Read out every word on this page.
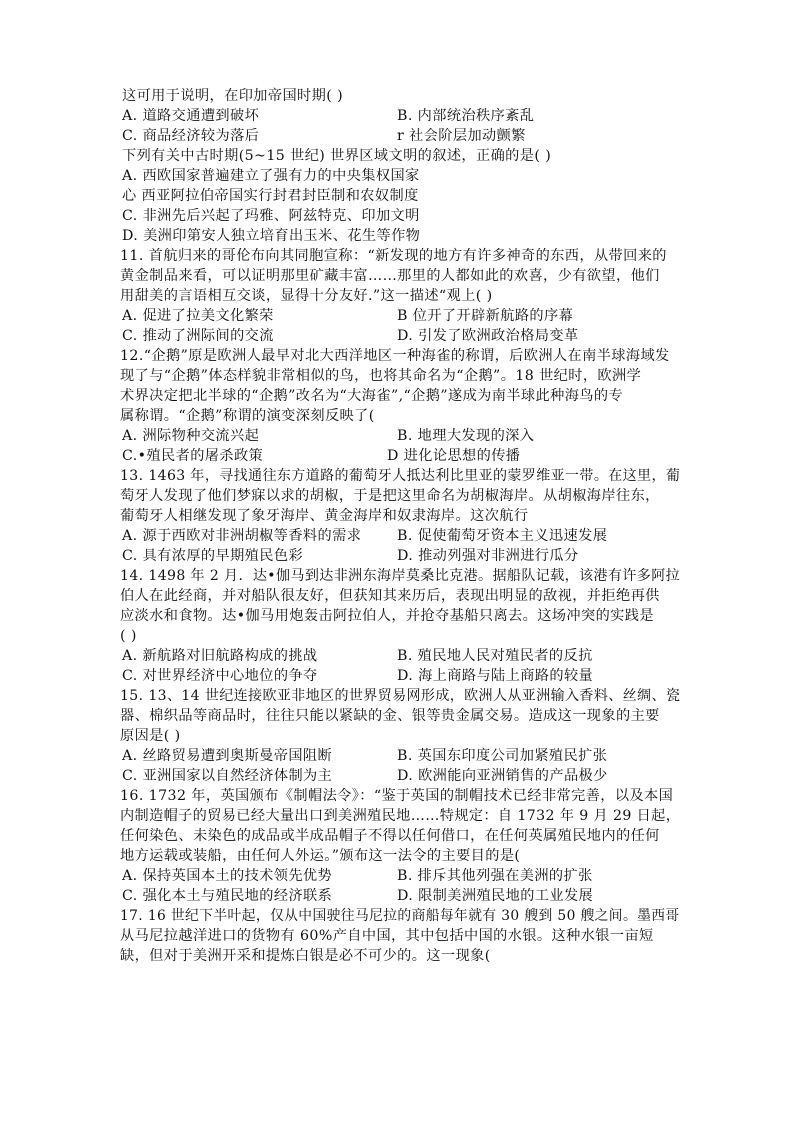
这可用于说明，在印加帝国时期( )
A. 道路交通遭到破坏	B. 内部统治秩序紊乱
C. 商品经济较为落后	r 社会阶层加动颤繁
下列有关中古时期(5~15 世纪) 世界区域文明的叙述，正确的是( )
A. 西欧国家普遍建立了强有力的中央集权国家
心 西亚阿拉伯帝国实行封君封臣制和农奴制度
C. 非洲先后兴起了玛雅、阿兹特克、印加文明
D. 美洲印第安人独立培育出玉米、花生等作物
11. 首航归来的哥伦布向其同胞宣称：“新发现的地方有许多神奇的东西，从带回来的
黄金制品来看，可以证明那里矿藏丰富……那里的人都如此的欢喜，少有欲望，他们
用甜美的言语相互交谈，显得十分友好.”这一描述“观上( )
A. 促进了拉美文化繁荣	B 位开了开辟新航路的序幕
C. 推动了洲际间的交流	D. 引发了欧洲政治格局变革
12.“企鹅”原是欧洲人最早对北大西洋地区一种海雀的称谓，后欧洲人在南半球海域发
现了与“企鹅”体态样貌非常相似的鸟，也将其命名为“企鹅”。18 世纪时，欧洲学
术界决定把北半球的“企鹅”改名为“大海雀”,“企鹅”遂成为南半球此种海鸟的专
属称谓。“企鹅”称谓的演变深刻反映了(
A. 洲际物种交流兴起	B. 地理大发现的深入
C.•殖民者的屠杀政策	D 进化论思想的传播
13. 1463 年，寻找通往东方道路的葡萄牙人抵达利比里亚的蒙罗维亚一带。在这里，葡
萄牙人发现了他们梦寐以求的胡椒，于是把这里命名为胡椒海岸。从胡椒海岸往东，
葡萄牙人相继发现了象牙海岸、黄金海岸和奴隶海岸。这次航行
A. 源于西欧对非洲胡椒等香料的需求	B. 促使葡萄牙资本主义迅速发展
C. 具有浓厚的早期殖民色彩	D. 推动列强对非洲进行瓜分
14. 1498 年 2 月．达•伽马到达非洲东海岸莫桑比克港。据船队记载，该港有许多阿拉
伯人在此经商，并对船队很友好，但获知其来历后，表现出明显的敌视，并拒绝再供
应淡水和食物。达•伽马用炮轰击阿拉伯人，并抢夺基船只离去。这场冲突的实践是
( )
A. 新航路对旧航路构成的挑战	B. 殖民地人民对殖民者的反抗
C. 对世界经济中心地位的争夺	D. 海上商路与陆上商路的较量
15. 13、14 世纪连接欧亚非地区的世界贸易网形成，欧洲人从亚洲输入香料、丝绸、瓷
器、棉织品等商品时，往往只能以紧缺的金、银等贵金属交易。造成这一现象的主要
原因是( )
A. 丝路贸易遭到奥斯曼帝国阻断	B. 英国东印度公司加紧殖民扩张
C. 亚洲国家以自然经济体制为主	D. 欧洲能向亚洲销售的产品极少
16. 1732 年，英国颁布《制帽法令》：“鉴于英国的制帽技术已经非常完善，以及本国
内制造帽子的贸易已经大量出口到美洲殖民地……特规定：自 1732 年 9 月 29 日起，
任何染色、未染色的成品或半成品帽子不得以任何借口，在任何英属殖民地内的任何
地方运载或装船，由任何人外运。”颁布这一法令的主要目的是(
A. 保持英国本土的技术领先优势	B. 排斥其他列强在美洲的扩张
C. 强化本土与殖民地的经济联系	D. 限制美洲殖民地的工业发展
17. 16 世纪下半叶起，仅从中国驶往马尼拉的商船每年就有 30 艘到 50 艘之间。墨西哥
从马尼拉越洋进口的货物有 60%产自中国，其中包括中国的水银。这种水银一亩短
缺，但对于美洲开采和提炼白银是必不可少的。这一现象(
